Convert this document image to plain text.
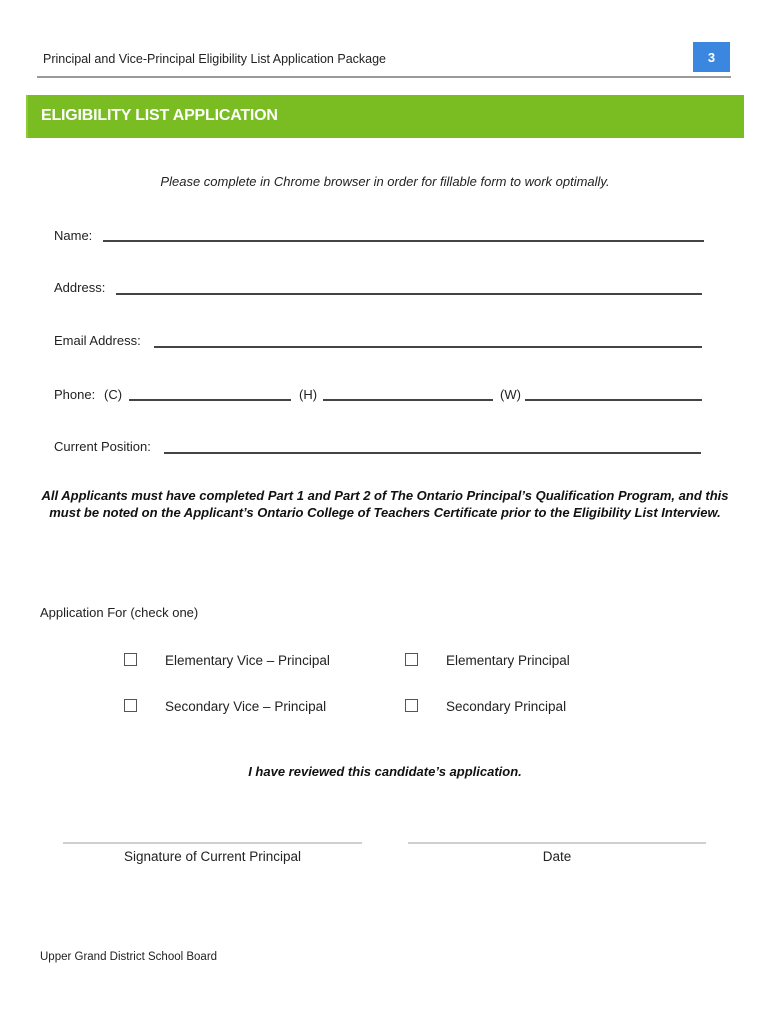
Principal and Vice-Principal Eligibility List Application Package	3
ELIGIBILITY LIST APPLICATION
Please complete in Chrome browser in order for fillable form to work optimally.
Name:
Address:
Email Address:
Phone: (C)	(H)	(W)
Current Position:
All Applicants must have completed Part 1 and Part 2 of The Ontario Principal’s Qualification Program, and this must be noted on the Applicant’s Ontario College of Teachers Certificate prior to the Eligibility List Interview.
Application For (check one)
Elementary Vice – Principal	Elementary Principal
Secondary Vice – Principal	Secondary Principal
I have reviewed this candidate’s application.
Signature of Current Principal	Date
Upper Grand District School Board
